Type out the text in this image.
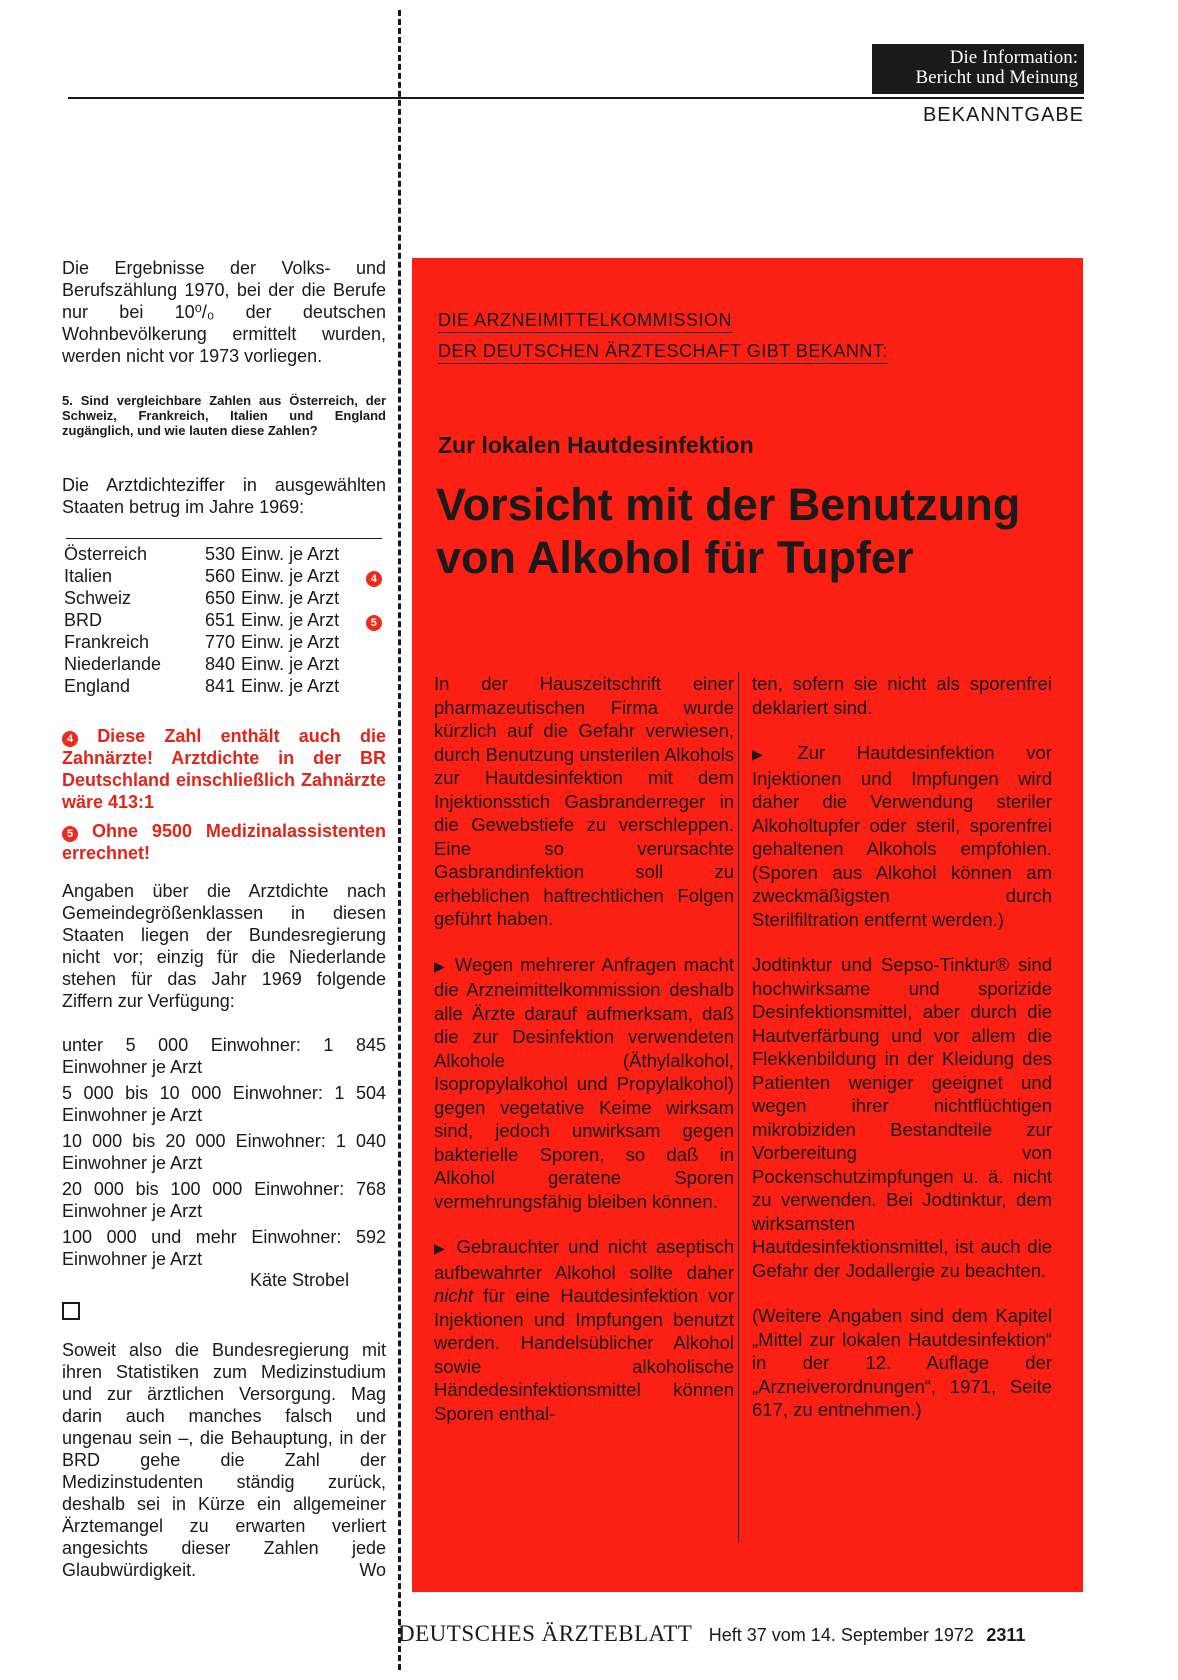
Die Information:
Bericht und Meinung
BEKANNTGABE
Die Ergebnisse der Volks- und Berufszählung 1970, bei der die Berufe nur bei 10⁰/₀ der deutschen Wohnbevölkerung ermittelt wurden, werden nicht vor 1973 vorliegen.
5. Sind vergleichbare Zahlen aus Österreich, der Schweiz, Frankreich, Italien und England zugänglich, und wie lauten diese Zahlen?
Die Arztdichteziffer in ausgewählten Staaten betrug im Jahre 1969:
Österreich	530	Einw. je Arzt	
Italien	560	Einw. je Arzt	4
Schweiz	650	Einw. je Arzt	
BRD	651	Einw. je Arzt	5
Frankreich	770	Einw. je Arzt	
Niederlande	840	Einw. je Arzt	
England	841	Einw. je Arzt	
4 Diese Zahl enthält auch die Zahnärzte! Arztdichte in der BR Deutschland einschließlich Zahnärzte wäre 413:1
5 Ohne 9500 Medizinalassistenten errechnet!
Angaben über die Arztdichte nach Gemeindegrößenklassen in diesen Staaten liegen der Bundesregierung nicht vor; einzig für die Niederlande stehen für das Jahr 1969 folgende Ziffern zur Verfügung:
unter 5 000 Einwohner: 1 845 Einwohner je Arzt
5 000 bis 10 000 Einwohner: 1 504 Einwohner je Arzt
10 000 bis 20 000 Einwohner: 1 040 Einwohner je Arzt
20 000 bis 100 000 Einwohner: 768 Einwohner je Arzt
100 000 und mehr Einwohner: 592 Einwohner je Arzt
Käte Strobel
Soweit also die Bundesregierung mit ihren Statistiken zum Medizinstudium und zur ärztlichen Versorgung. Mag darin auch manches falsch und ungenau sein –, die Behauptung, in der BRD gehe die Zahl der Medizinstudenten ständig zurück, deshalb sei in Kürze ein allgemeiner Ärztemangel zu erwarten verliert angesichts dieser Zahlen jede Glaubwürdigkeit.	Wo
DIE ARZNEIMITTELKOMMISSION
DER DEUTSCHEN ÄRZTESCHAFT GIBT BEKANNT:
Zur lokalen Hautdesinfektion
Vorsicht mit der Benutzung von Alkohol für Tupfer

In der Hauszeitschrift einer pharmazeutischen Firma wurde kürzlich auf die Gefahr verwiesen, durch Benutzung unsterilen Alkohols zur Hautdesinfektion mit dem Injektionsstich Gasbranderreger in die Gewebstiefe zu verschleppen. Eine so verursachte Gasbrandinfektion soll zu erheblichen haftrechtlichen Folgen geführt haben.

▶ Wegen mehrerer Anfragen macht die Arzneimittelkommission deshalb alle Ärzte darauf aufmerksam, daß die zur Desinfektion verwendeten Alkohole (Äthylalkohol, Isopropylalkohol und Propylalkohol) gegen vegetative Keime wirksam sind, jedoch unwirksam gegen bakterielle Sporen, so daß in Alkohol geratene Sporen vermehrungsfähig bleiben können.

▶ Gebrauchter und nicht aseptisch aufbewahrter Alkohol sollte daher nicht für eine Hautdesinfektion vor Injektionen und Impfungen benutzt werden. Handelsüblicher Alkohol sowie alkoholische Händedesinfektionsmittel können Sporen enthal-

ten, sofern sie nicht als sporenfrei deklariert sind.

▶ Zur Hautdesinfektion vor Injektionen und Impfungen wird daher die Verwendung steriler Alkoholtupfer oder steril, sporenfrei gehaltenen Alkohols empfohlen. (Sporen aus Alkohol können am zweckmäßigsten durch Sterilfiltration entfernt werden.)

Jodtinktur und Sepso-Tinktur® sind hochwirksame und sporizide Desinfektionsmittel, aber durch die Hautverfärbung und vor allem die Flekkenbildung in der Kleidung des Patienten weniger geeignet und wegen ihrer nichtflüchtigen mikrobiziden Bestandteile zur Vorbereitung von Pockenschutzimpfungen u. ä. nicht zu verwenden. Bei Jodtinktur, dem wirksamsten Hautdesinfektionsmittel, ist auch die Gefahr der Jodallergie zu beachten.

(Weitere Angaben sind dem Kapitel „Mittel zur lokalen Hautdesinfektion“ in der 12. Auflage der „Arzneiverordnungen“, 1971, Seite 617, zu entnehmen.)

DEUTSCHES ÄRZTEBLATT Heft 37 vom 14. September 1972 2311
